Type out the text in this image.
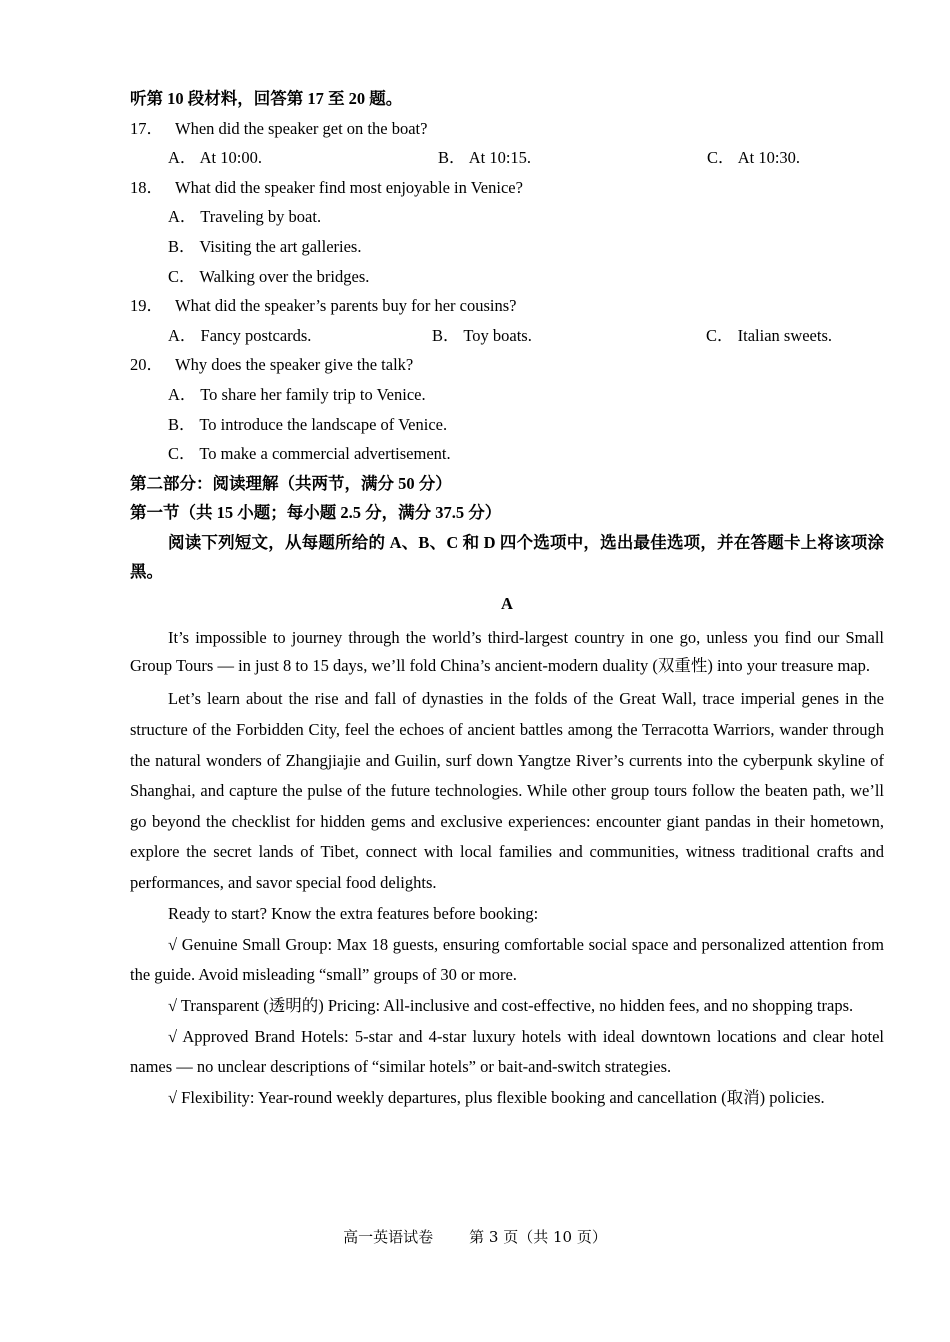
听第 10 段材料，回答第 17 至 20 题。
17． When did the speaker get on the boat?
A． At 10:00.	B． At 10:15.	C． At 10:30.
18． What did the speaker find most enjoyable in Venice?
A． Traveling by boat.
B． Visiting the art galleries.
C． Walking over the bridges.
19． What did the speaker’s parents buy for her cousins?
A． Fancy postcards.	B． Toy boats.	C． Italian sweets.
20． Why does the speaker give the talk?
A． To share her family trip to Venice.
B． To introduce the landscape of Venice.
C． To make a commercial advertisement.
第二部分：阅读理解（共两节，满分 50 分）
第一节（共 15 小题；每小题 2.5 分，满分 37.5 分）
阅读下列短文，从每题所给的 A、B、C 和 D 四个选项中，选出最佳选项，并在答题卡上将该项涂黑。
A
It’s impossible to journey through the world’s third-largest country in one go, unless you find our Small Group Tours — in just 8 to 15 days, we’ll fold China’s ancient-modern duality (双重性) into your treasure map.
Let’s learn about the rise and fall of dynasties in the folds of the Great Wall, trace imperial genes in the structure of the Forbidden City, feel the echoes of ancient battles among the Terracotta Warriors, wander through the natural wonders of Zhangjiajie and Guilin, surf down Yangtze River’s currents into the cyberpunk skyline of Shanghai, and capture the pulse of the future technologies. While other group tours follow the beaten path, we’ll go beyond the checklist for hidden gems and exclusive experiences: encounter giant pandas in their hometown, explore the secret lands of Tibet, connect with local families and communities, witness traditional crafts and performances, and savor special food delights.
Ready to start? Know the extra features before booking:
√ Genuine Small Group: Max 18 guests, ensuring comfortable social space and personalized attention from the guide. Avoid misleading “small” groups of 30 or more.
√ Transparent (透明的) Pricing: All-inclusive and cost-effective, no hidden fees, and no shopping traps.
√ Approved Brand Hotels: 5-star and 4-star luxury hotels with ideal downtown locations and clear hotel names — no unclear descriptions of “similar hotels” or bait-and-switch strategies.
√ Flexibility: Year-round weekly departures, plus flexible booking and cancellation (取消) policies.
高一英语试卷 第 3 页（共 10 页）
